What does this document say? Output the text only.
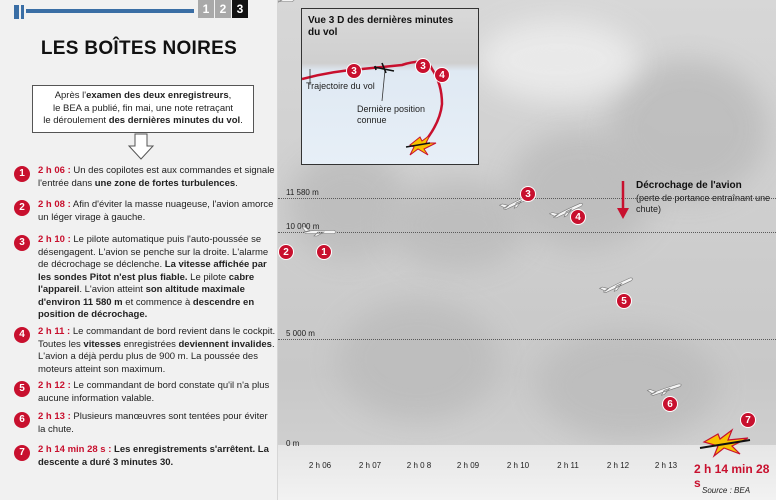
1 2 3
LES BOÎTES NOIRES
Après l'examen des deux enregistreurs,
le BEA a publié, fin mai, une note retraçant
le déroulement des dernières minutes du vol.
1	2 h 06 : Un des copilotes est aux commandes et signale l'entrée dans une zone de fortes turbulences.
2	2 h 08 : Afin d'éviter la masse nuageuse, l'avion amorce un léger virage à gauche.
3	2 h 10 : Le pilote automatique puis l'auto-poussée se désengagent. L'avion se penche sur la droite. L'alarme de décrochage se déclenche. La vitesse affichée par les sondes Pitot n'est plus fiable. Le pilote cabre l'appareil. L'avion atteint son altitude maximale d'environ 11 580 m et commence à descendre en position de décrochage.
4	2 h 11 : Le commandant de bord revient dans le cockpit. Toutes les vitesses enregistrées deviennent invalides. L'avion a déjà perdu plus de 900 m. La poussée des moteurs atteint son maximum.
5	2 h 12 : Le commandant de bord constate qu'il n'a plus aucune information valable.
6	2 h 13 : Plusieurs manœuvres sont tentées pour éviter la chute.
7	2 h 14 min 28 s : Les enregistrements s'arrêtent. La descente a duré 3 minutes 30.
11 580 m
10 000 m
5 000 m
0 m
2 h 06	2 h 07	2 h 0 8	2 h 09	2 h 10	2 h 11	2 h 12	2 h 13
1
2
3
4
5
6
7
Décrochage de l'avion
(perte de portance entraînant une chute)
Vue 3 D des dernières minutes du vol
Trajectoire du vol
Dernière position connue
3	3
4
2 h 14 min 28 s
Source : BEA
